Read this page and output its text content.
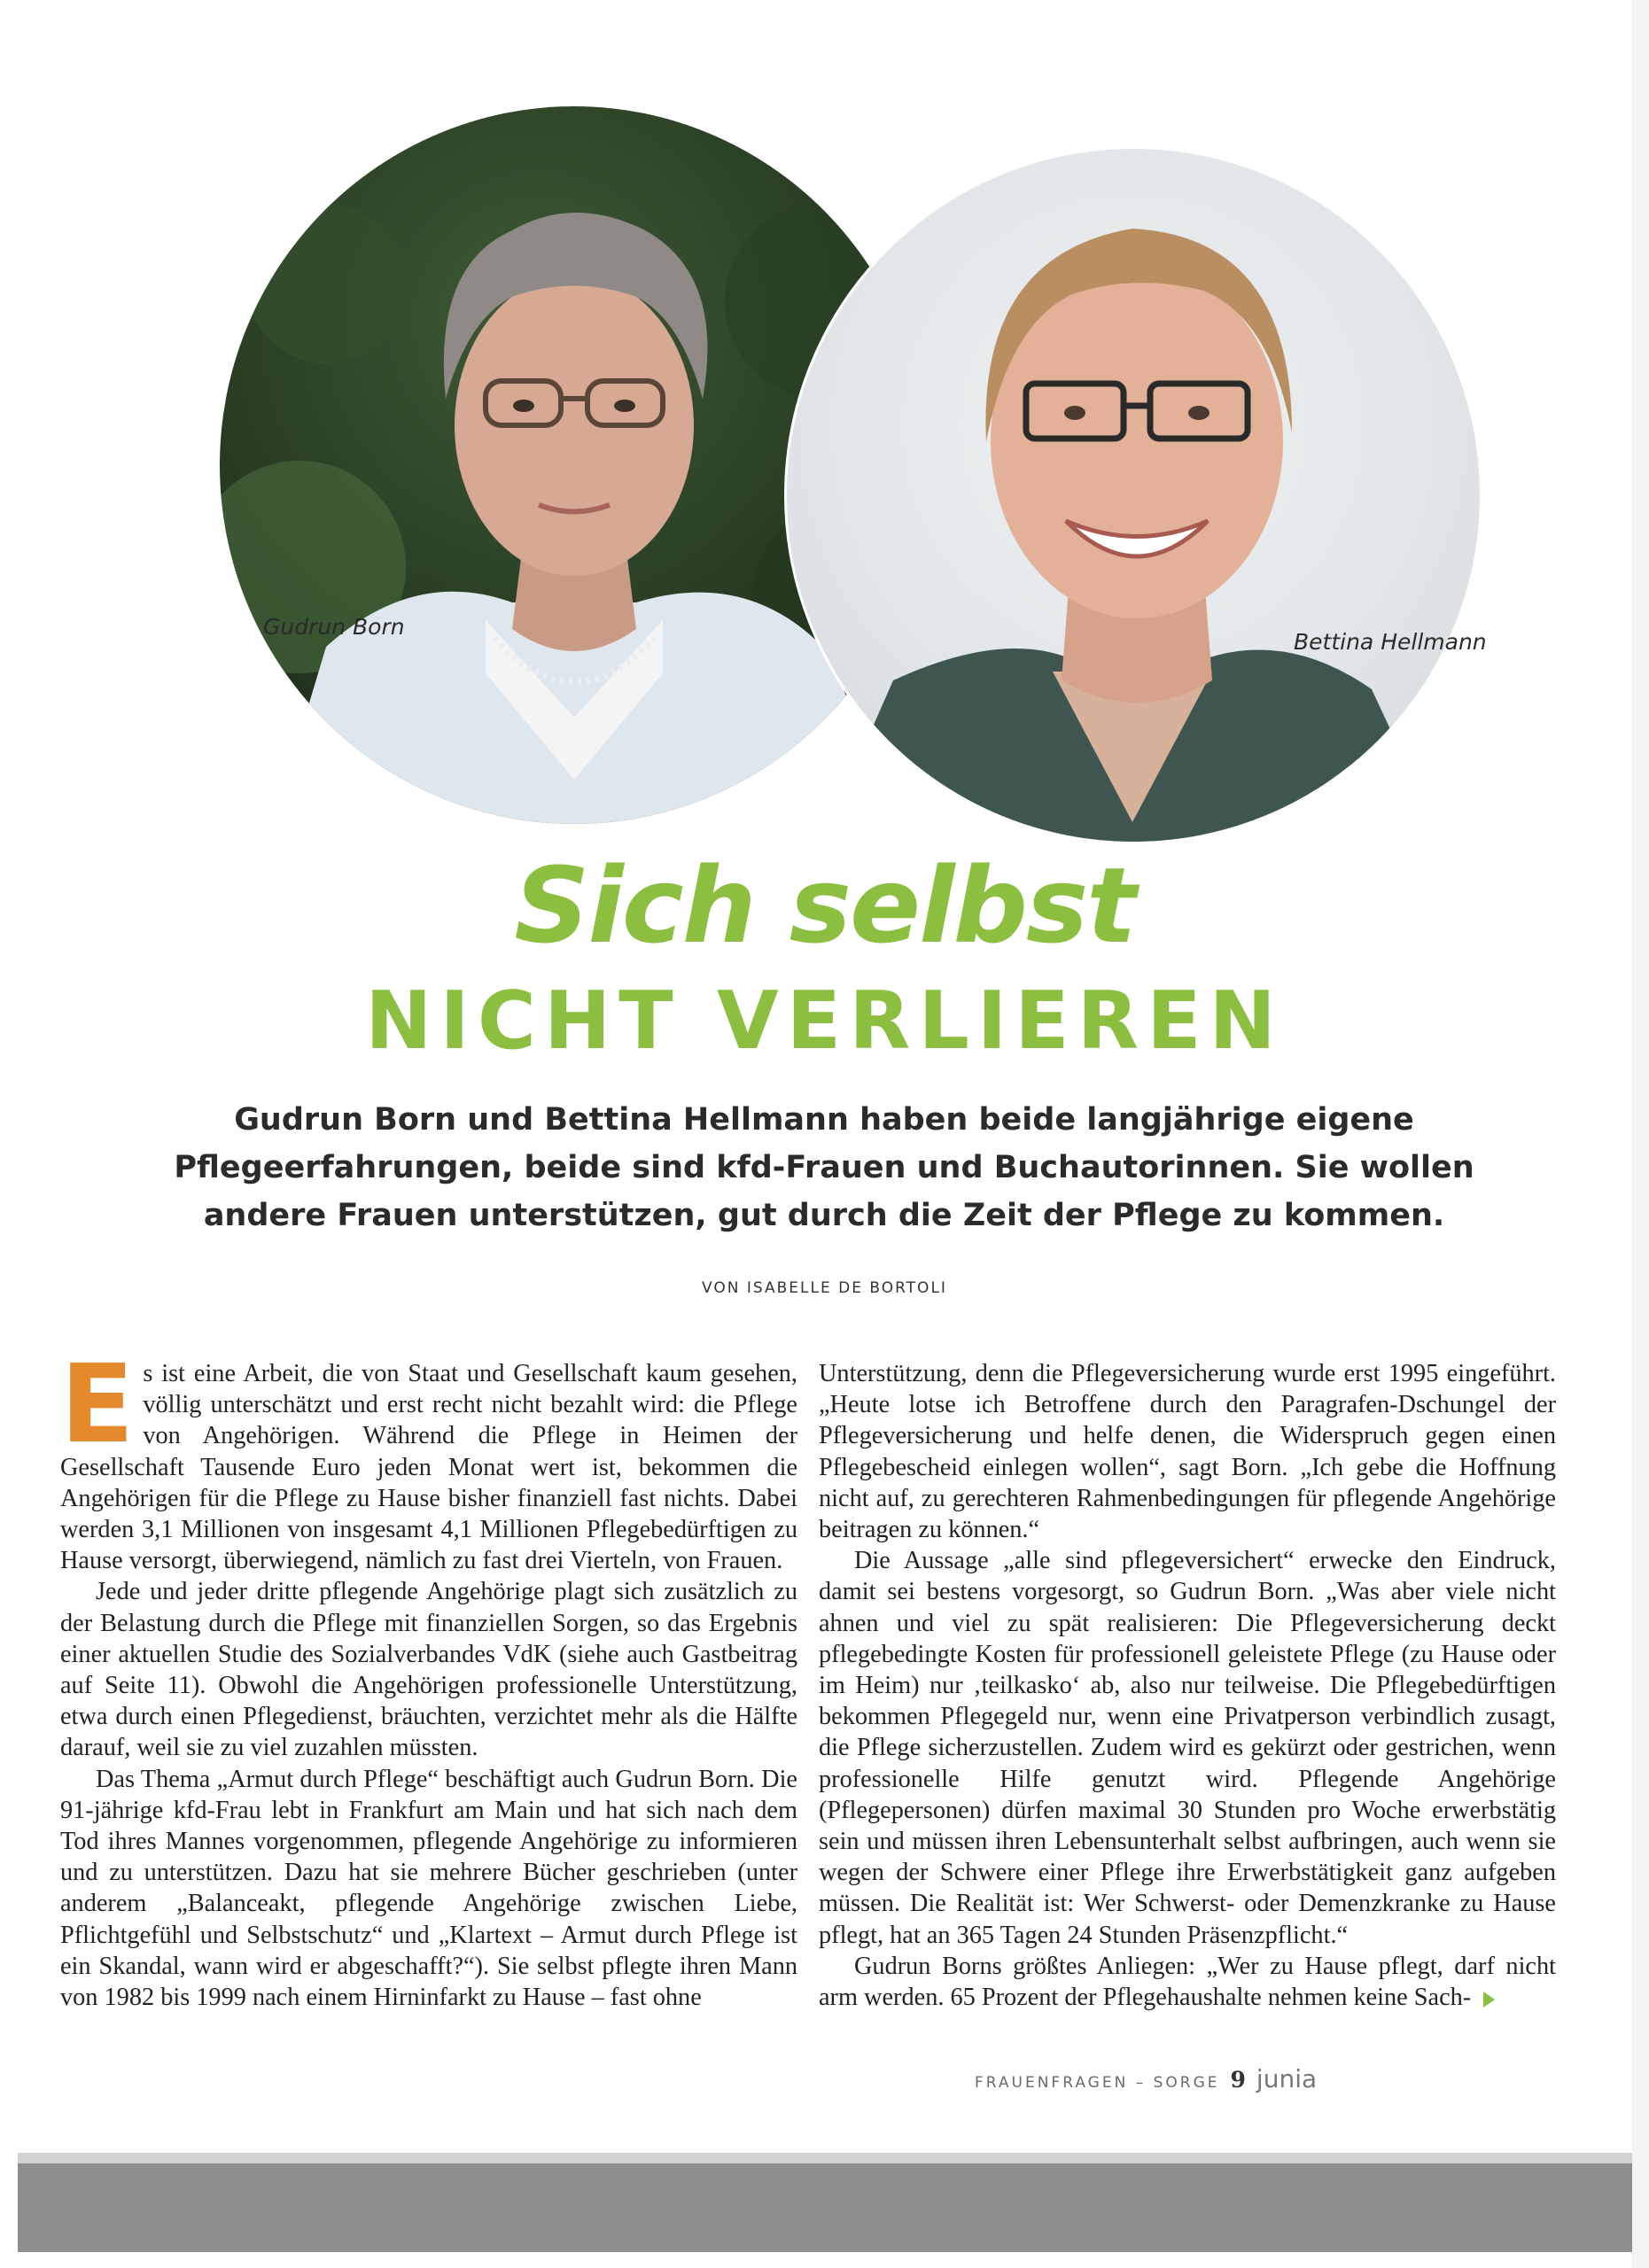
Gudrun Born
Bettina Hellmann
Sich selbst
NICHT VERLIEREN
Gudrun Born und Bettina Hellmann haben beide langjährige eigene Pflegeerfahrungen, beide sind kfd-Frauen und Buchautorinnen. Sie wollen andere Frauen unterstützen, gut durch die Zeit der Pflege zu kommen.
VON ISABELLE DE BORTOLI

Es ist eine Arbeit, die von Staat und Gesellschaft kaum gesehen, völlig unterschätzt und erst recht nicht bezahlt wird: die Pflege von Angehörigen. Während die Pflege in Heimen der Gesellschaft Tausende Euro jeden Monat wert ist, bekommen die Angehörigen für die Pflege zu Hause bisher finanziell fast nichts. Dabei werden 3,1 Millionen von insgesamt 4,1 Millionen Pflegebedürftigen zu Hause versorgt, überwiegend, nämlich zu fast drei Vierteln, von Frauen.

Jede und jeder dritte pflegende Angehörige plagt sich zusätzlich zu der Belastung durch die Pflege mit finanziellen Sorgen, so das Ergebnis einer aktuellen Studie des Sozialverbandes VdK (siehe auch Gastbeitrag auf Seite 11). Obwohl die Angehörigen professionelle Unterstützung, etwa durch einen Pflegedienst, bräuchten, verzichtet mehr als die Hälfte darauf, weil sie zu viel zuzahlen müssten.

Das Thema „Armut durch Pflege“ beschäftigt auch Gudrun Born. Die 91-jährige kfd-Frau lebt in Frankfurt am Main und hat sich nach dem Tod ihres Mannes vorgenommen, pflegende Angehörige zu informieren und zu unterstützen. Dazu hat sie mehrere Bücher geschrieben (unter anderem „Balanceakt, pflegende Angehörige zwischen Liebe, Pflichtgefühl und Selbstschutz“ und „Klartext – Armut durch Pflege ist ein Skandal, wann wird er abgeschafft?“). Sie selbst pflegte ihren Mann von 1982 bis 1999 nach einem Hirninfarkt zu Hause – fast ohne

Unterstützung, denn die Pflegeversicherung wurde erst 1995 eingeführt. „Heute lotse ich Betroffene durch den Paragrafen-Dschungel der Pflegeversicherung und helfe denen, die Widerspruch gegen einen Pflegebescheid einlegen wollen“, sagt Born. „Ich gebe die Hoffnung nicht auf, zu gerechteren Rahmenbedingungen für pflegende Angehörige beitragen zu können.“

Die Aussage „alle sind pflegeversichert“ erwecke den Eindruck, damit sei bestens vorgesorgt, so Gudrun Born. „Was aber viele nicht ahnen und viel zu spät realisieren: Die Pflegeversicherung deckt pflegebedingte Kosten für professionell geleistete Pflege (zu Hause oder im Heim) nur ‚teilkasko‘ ab, also nur teilweise. Die Pflegebedürftigen bekommen Pflegegeld nur, wenn eine Privatperson verbindlich zusagt, die Pflege sicherzustellen. Zudem wird es gekürzt oder gestrichen, wenn professionelle Hilfe genutzt wird. Pflegende Angehörige (Pflegepersonen) dürfen maximal 30 Stunden pro Woche erwerbstätig sein und müssen ihren Lebensunterhalt selbst aufbringen, auch wenn sie wegen der Schwere einer Pflege ihre Erwerbstätigkeit ganz aufgeben müssen. Die Realität ist: Wer Schwerst- oder Demenzkranke zu Hause pflegt, hat an 365 Tagen 24 Stunden Präsenzpflicht.“

Gudrun Borns größtes Anliegen: „Wer zu Hause pflegt, darf nicht arm werden. 65 Prozent der Pflegehaushalte nehmen keine Sach-

FRAUENFRAGEN – SORGE 9 junia
